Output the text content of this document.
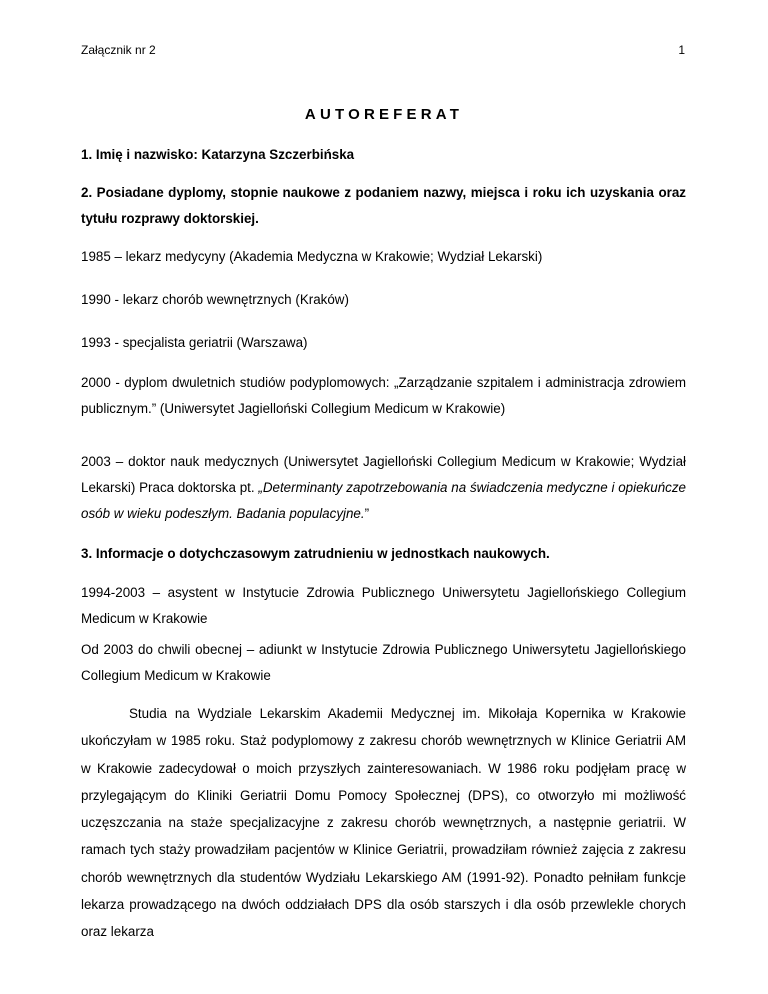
Załącznik nr 2	1
AUTOREFERAT
1. Imię i nazwisko: Katarzyna Szczerbińska
2. Posiadane dyplomy, stopnie naukowe z podaniem nazwy, miejsca i roku ich uzyskania oraz tytułu rozprawy doktorskiej.
1985 – lekarz medycyny (Akademia Medyczna w Krakowie; Wydział Lekarski)
1990 - lekarz chorób wewnętrznych (Kraków)
1993 - specjalista geriatrii (Warszawa)
2000 - dyplom dwuletnich studiów podyplomowych: „Zarządzanie szpitalem i administracja zdrowiem publicznym.” (Uniwersytet Jagielloński Collegium Medicum w Krakowie)
2003 – doktor nauk medycznych (Uniwersytet Jagielloński Collegium Medicum w Krakowie; Wydział Lekarski) Praca doktorska pt. „Determinanty zapotrzebowania na świadczenia medyczne i opiekuńcze osób w wieku podeszłym. Badania populacyjne.”
3. Informacje o dotychczasowym zatrudnieniu w jednostkach naukowych.
1994-2003 – asystent w Instytucie Zdrowia Publicznego Uniwersytetu Jagiellońskiego Collegium Medicum w Krakowie
Od 2003 do chwili obecnej – adiunkt w Instytucie Zdrowia Publicznego Uniwersytetu Jagiellońskiego Collegium Medicum w Krakowie
Studia na Wydziale Lekarskim Akademii Medycznej im. Mikołaja Kopernika w Krakowie ukończyłam w 1985 roku. Staż podyplomowy z zakresu chorób wewnętrznych w Klinice Geriatrii AM w Krakowie zadecydował o moich przyszłych zainteresowaniach. W 1986 roku podjęłam pracę w przylegającym do Kliniki Geriatrii Domu Pomocy Społecznej (DPS), co otworzyło mi możliwość uczęszczania na staże specjalizacyjne z zakresu chorób wewnętrznych, a następnie geriatrii. W ramach tych staży prowadziłam pacjentów w Klinice Geriatrii, prowadziłam również zajęcia z zakresu chorób wewnętrznych dla studentów Wydziału Lekarskiego AM (1991-92). Ponadto pełniłam funkcje lekarza prowadzącego na dwóch oddziałach DPS dla osób starszych i dla osób przewlekle chorych oraz lekarza
